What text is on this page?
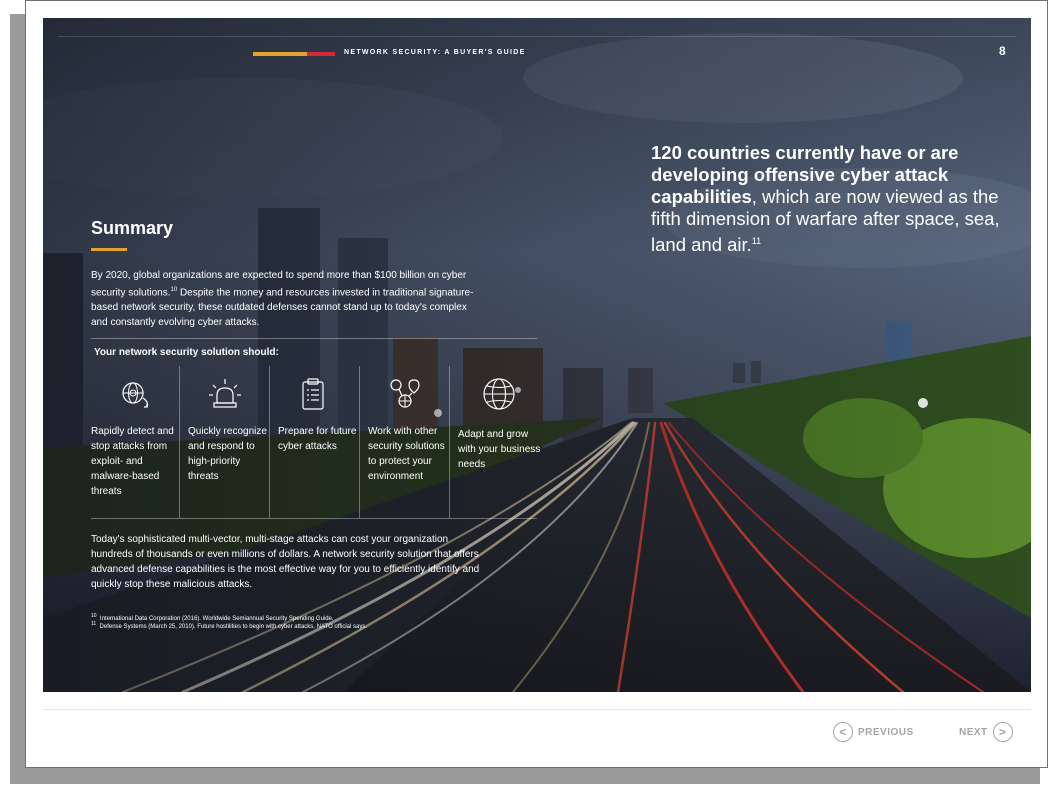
NETWORK SECURITY: A BUYER'S GUIDE	8
120 countries currently have or are developing offensive cyber attack capabilities, which are now viewed as the fifth dimension of warfare after space, sea, land and air.$^{11}$
Summary
By 2020, global organizations are expected to spend more than $100 billion on cyber security solutions.$^{10}$ Despite the money and resources invested in traditional signature-based network security, these outdated defenses cannot stand up to today's complex and constantly evolving cyber attacks.
Your network security solution should:
Rapidly detect and stop attacks from exploit- and malware-based threats
Quickly recognize and respond to high-priority threats
Prepare for future cyber attacks
Work with other security solutions to protect your environment
Adapt and grow with your business needs
Today's sophisticated multi-vector, multi-stage attacks can cost your organization hundreds of thousands or even millions of dollars. A network security solution that offers advanced defense capabilities is the most effective way for you to efficiently identify and quickly stop these malicious attacks.
$^{10}$ International Data Corporation (2016). Worldwide Semiannual Security Spending Guide.
$^{11}$ Defense Systems (March 25, 2010). Future hostilities to begin with cyber attacks, NATO official says.
<	PREVIOUS	NEXT >
